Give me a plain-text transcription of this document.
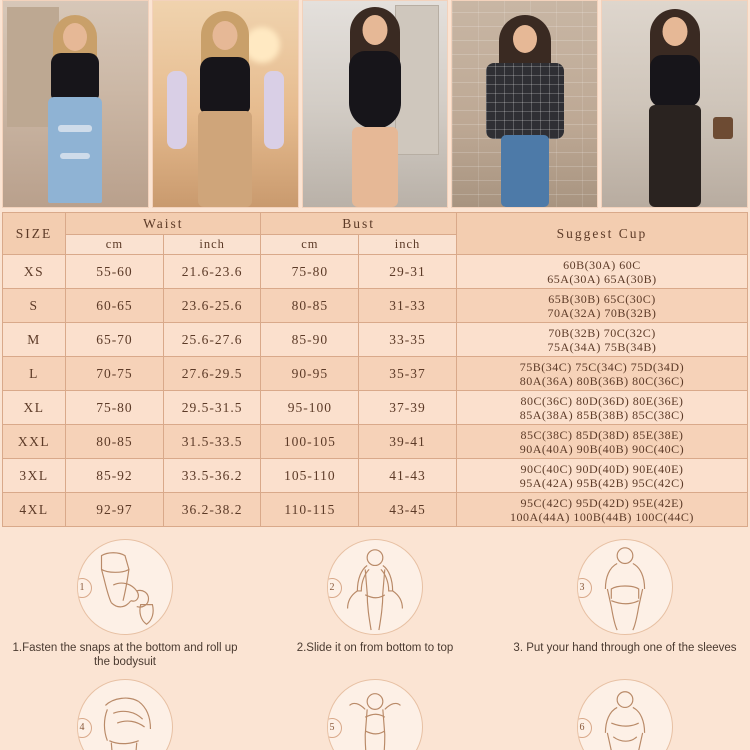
SIZE	Waist		Bust		Suggest Cup
	cm	inch	cm	inch	
XS	55-60	21.6-23.6	75-80	29-31	60B(30A) 60C
65A(30A) 65A(30B)

S	60-65	23.6-25.6	80-85	31-33	65B(30B) 65C(30C)
70A(32A) 70B(32B)

M	65-70	25.6-27.6	85-90	33-35	70B(32B) 70C(32C)
75A(34A) 75B(34B)

L	70-75	27.6-29.5	90-95	35-37	75B(34C) 75C(34C) 75D(34D)
80A(36A) 80B(36B) 80C(36C)

XL	75-80	29.5-31.5	95-100	37-39	80C(36C) 80D(36D) 80E(36E)
85A(38A) 85B(38B) 85C(38C)

XXL	80-85	31.5-33.5	100-105	39-41	85C(38C) 85D(38D) 85E(38E)
90A(40A) 90B(40B) 90C(40C)

3XL	85-92	33.5-36.2	105-110	41-43	90C(40C) 90D(40D) 90E(40E)
95A(42A) 95B(42B) 95C(42C)

4XL	92-97	36.2-38.2	110-115	43-45	95C(42C) 95D(42D) 95E(42E)
100A(44A) 100B(44B) 100C(44C)
1
1.Fasten the snaps at the bottom and roll up the bodysuit
2
2.Slide it on from bottom to top
3
3. Put your hand through one of the sleeves
4	5	6
